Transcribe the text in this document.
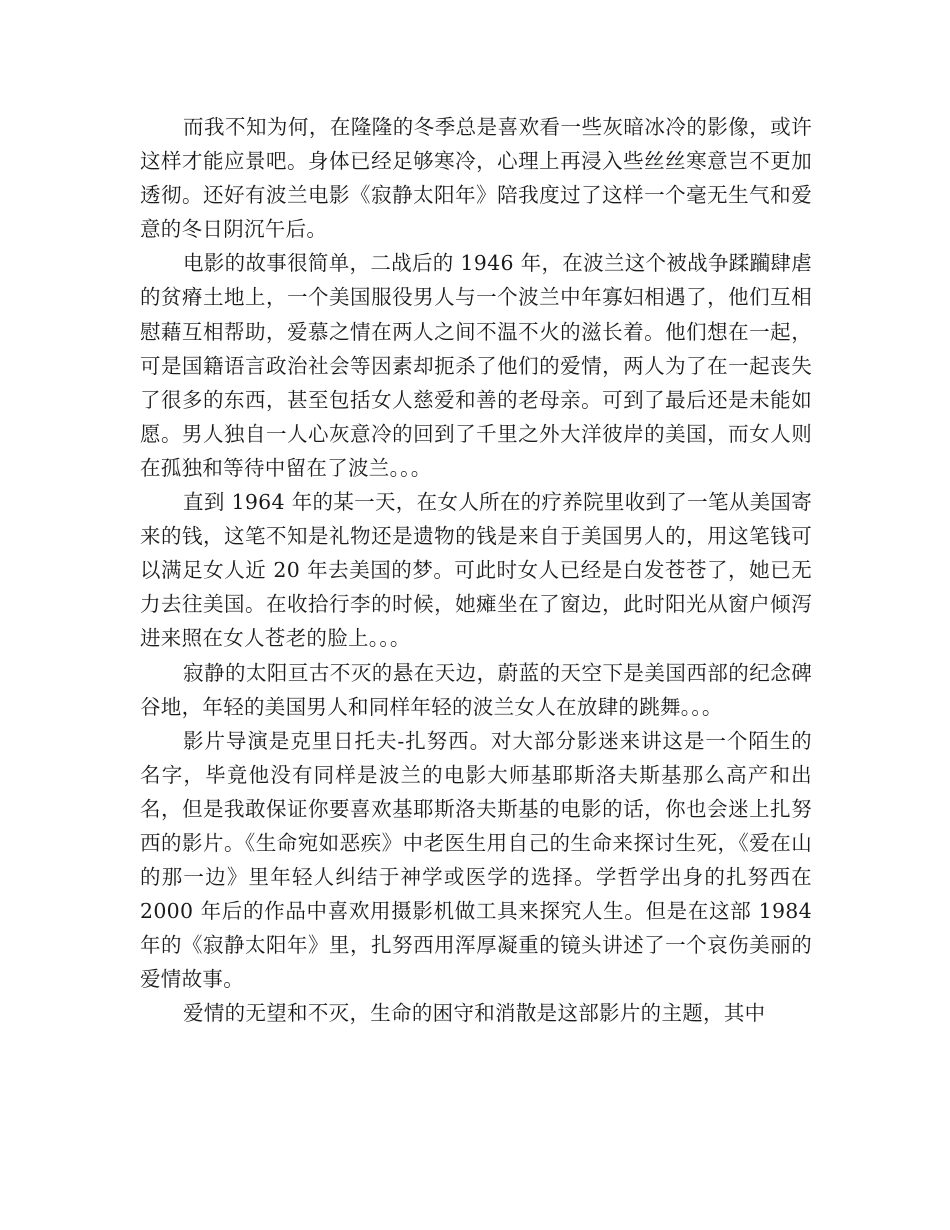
而我不知为何，在隆隆的冬季总是喜欢看一些灰暗冰冷的影像，或许这样才能应景吧。身体已经足够寒冷，心理上再浸入些丝丝寒意岂不更加透彻。还好有波兰电影《寂静太阳年》陪我度过了这样一个毫无生气和爱意的冬日阴沉午后。

电影的故事很简单，二战后的 1946 年，在波兰这个被战争蹂躏肆虐的贫瘠土地上，一个美国服役男人与一个波兰中年寡妇相遇了，他们互相慰藉互相帮助，爱慕之情在两人之间不温不火的滋长着。他们想在一起，可是国籍语言政治社会等因素却扼杀了他们的爱情，两人为了在一起丧失了很多的东西，甚至包括女人慈爱和善的老母亲。可到了最后还是未能如愿。男人独自一人心灰意冷的回到了千里之外大洋彼岸的美国，而女人则在孤独和等待中留在了波兰。。。

直到 1964 年的某一天，在女人所在的疗养院里收到了一笔从美国寄来的钱，这笔不知是礼物还是遗物的钱是来自于美国男人的，用这笔钱可以满足女人近 20 年去美国的梦。可此时女人已经是白发苍苍了，她已无力去往美国。在收拾行李的时候，她瘫坐在了窗边，此时阳光从窗户倾泻进来照在女人苍老的脸上。。。

寂静的太阳亘古不灭的悬在天边，蔚蓝的天空下是美国西部的纪念碑谷地，年轻的美国男人和同样年轻的波兰女人在放肆的跳舞。。。

影片导演是克里日托夫-扎努西。对大部分影迷来讲这是一个陌生的名字，毕竟他没有同样是波兰的电影大师基耶斯洛夫斯基那么高产和出名，但是我敢保证你要喜欢基耶斯洛夫斯基的电影的话，你也会迷上扎努西的影片。《生命宛如恶疾》中老医生用自己的生命来探讨生死，《爱在山的那一边》里年轻人纠结于神学或医学的选择。学哲学出身的扎努西在 2000 年后的作品中喜欢用摄影机做工具来探究人生。但是在这部 1984 年的《寂静太阳年》里，扎努西用浑厚凝重的镜头讲述了一个哀伤美丽的爱情故事。

爱情的无望和不灭，生命的困守和消散是这部影片的主题，其中
